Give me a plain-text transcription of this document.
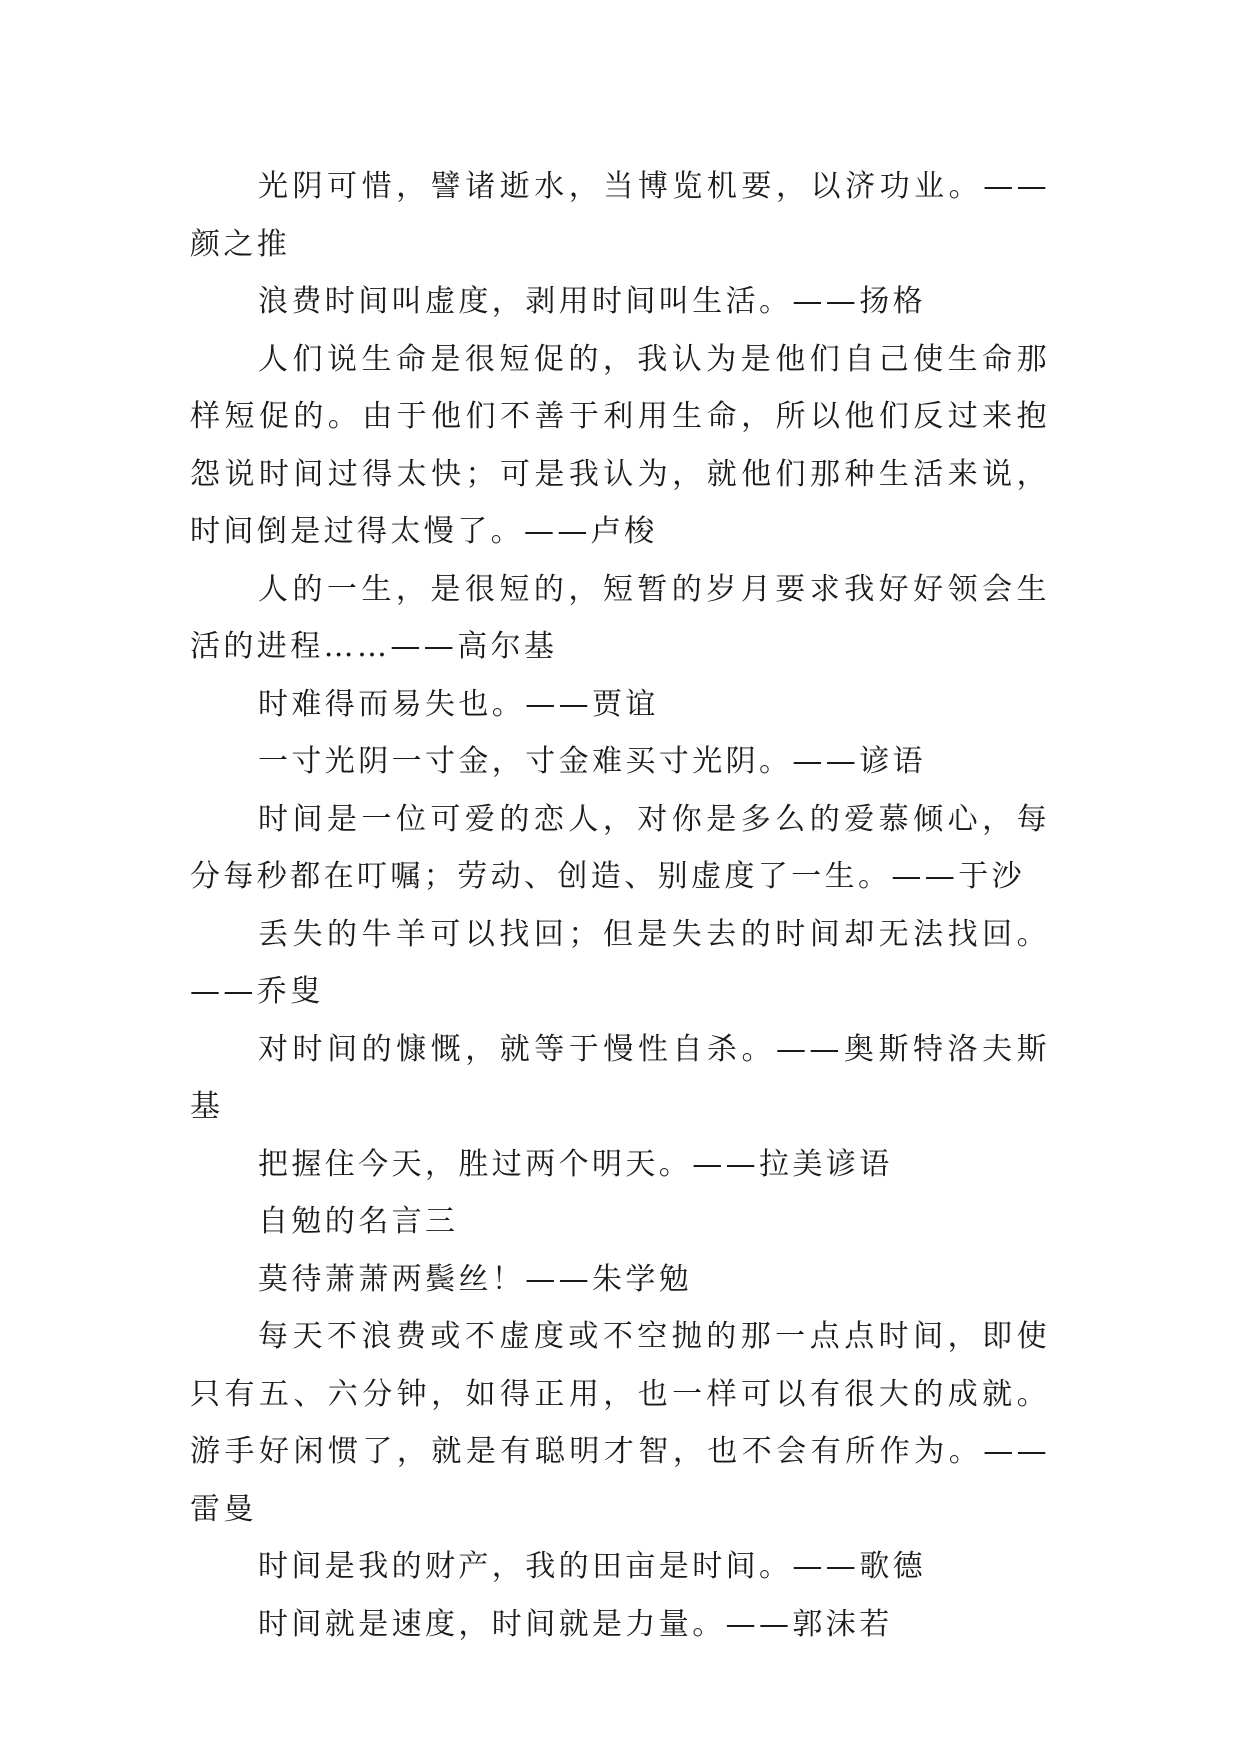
光阴可惜，譬诸逝水，当博览机要，以济功业。——颜之推

浪费时间叫虚度，剥用时间叫生活。——扬格

人们说生命是很短促的，我认为是他们自己使生命那样短促的。由于他们不善于利用生命，所以他们反过来抱怨说时间过得太快；可是我认为，就他们那种生活来说，时间倒是过得太慢了。——卢梭

人的一生，是很短的，短暂的岁月要求我好好领会生活的进程……——高尔基

时难得而易失也。——贾谊

一寸光阴一寸金，寸金难买寸光阴。——谚语

时间是一位可爱的恋人，对你是多么的爱慕倾心，每分每秒都在叮嘱；劳动、创造、别虚度了一生。——于沙

丢失的牛羊可以找回；但是失去的时间却无法找回。——乔叟

对时间的慷慨，就等于慢性自杀。——奥斯特洛夫斯基

把握住今天，胜过两个明天。——拉美谚语

自勉的名言三

莫待萧萧两鬓丝！——朱学勉

每天不浪费或不虚度或不空抛的那一点点时间，即使只有五、六分钟，如得正用，也一样可以有很大的成就。游手好闲惯了，就是有聪明才智，也不会有所作为。——雷曼

时间是我的财产，我的田亩是时间。——歌德

时间就是速度，时间就是力量。——郭沫若
